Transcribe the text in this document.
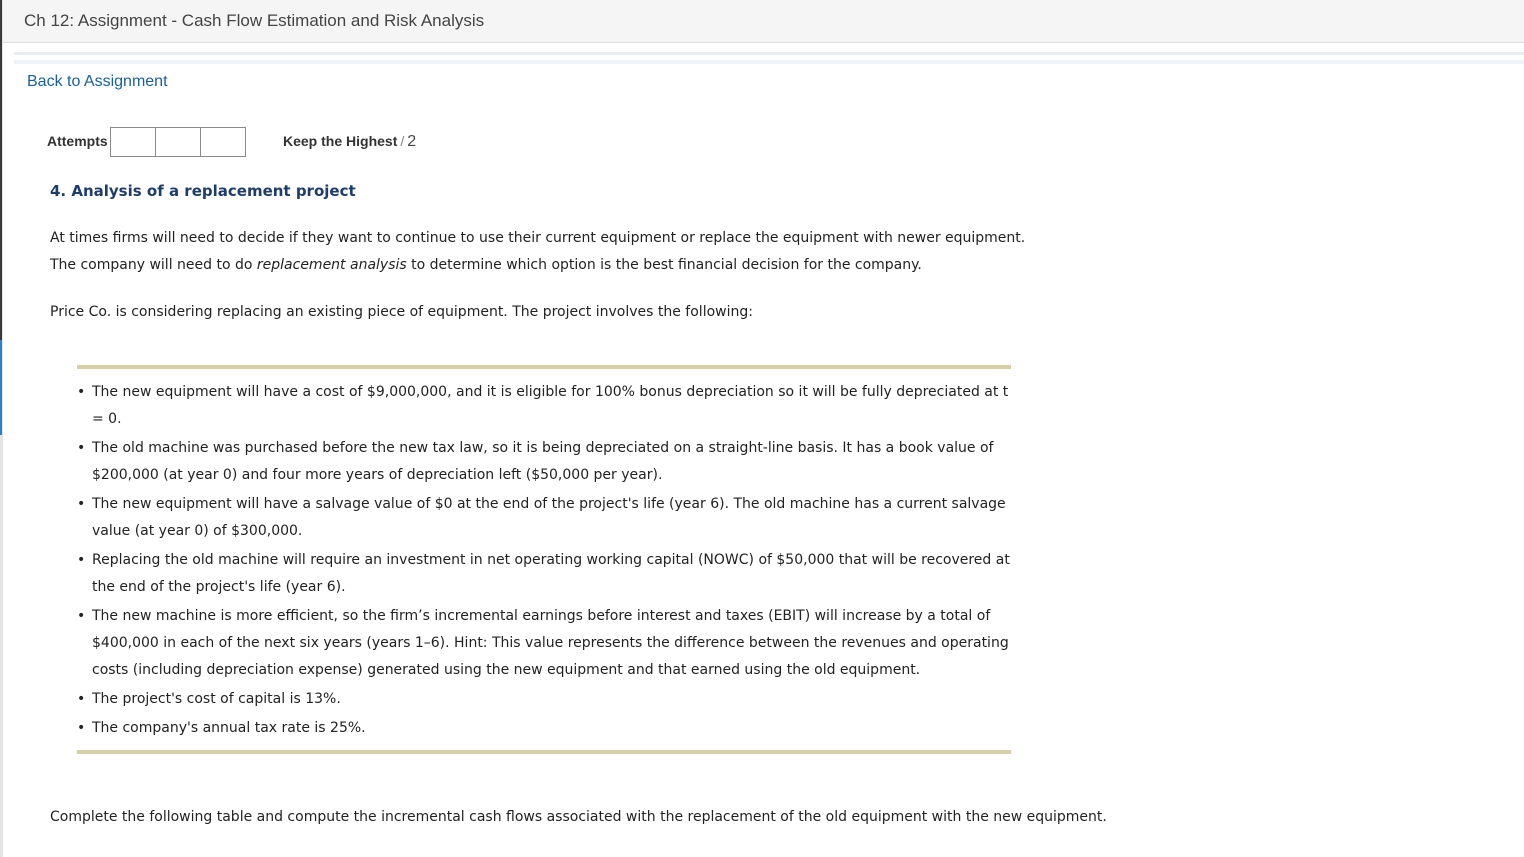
Ch 12: Assignment - Cash Flow Estimation and Risk Analysis
Back to Assignment
Attempts	Keep the Highest / 2
4. Analysis of a replacement project
At times firms will need to decide if they want to continue to use their current equipment or replace the equipment with newer equipment. The company will need to do replacement analysis to determine which option is the best financial decision for the company.
Price Co. is considering replacing an existing piece of equipment. The project involves the following:
• The new equipment will have a cost of $9,000,000, and it is eligible for 100% bonus depreciation so it will be fully depreciated at t = 0.
• The old machine was purchased before the new tax law, so it is being depreciated on a straight-line basis. It has a book value of $200,000 (at year 0) and four more years of depreciation left ($50,000 per year).
• The new equipment will have a salvage value of $0 at the end of the project's life (year 6). The old machine has a current salvage value (at year 0) of $300,000.
• Replacing the old machine will require an investment in net operating working capital (NOWC) of $50,000 that will be recovered at the end of the project's life (year 6).
• The new machine is more efficient, so the firm’s incremental earnings before interest and taxes (EBIT) will increase by a total of $400,000 in each of the next six years (years 1–6). Hint: This value represents the difference between the revenues and operating costs (including depreciation expense) generated using the new equipment and that earned using the old equipment.
• The project's cost of capital is 13%.
• The company's annual tax rate is 25%.
Complete the following table and compute the incremental cash flows associated with the replacement of the old equipment with the new equipment.
